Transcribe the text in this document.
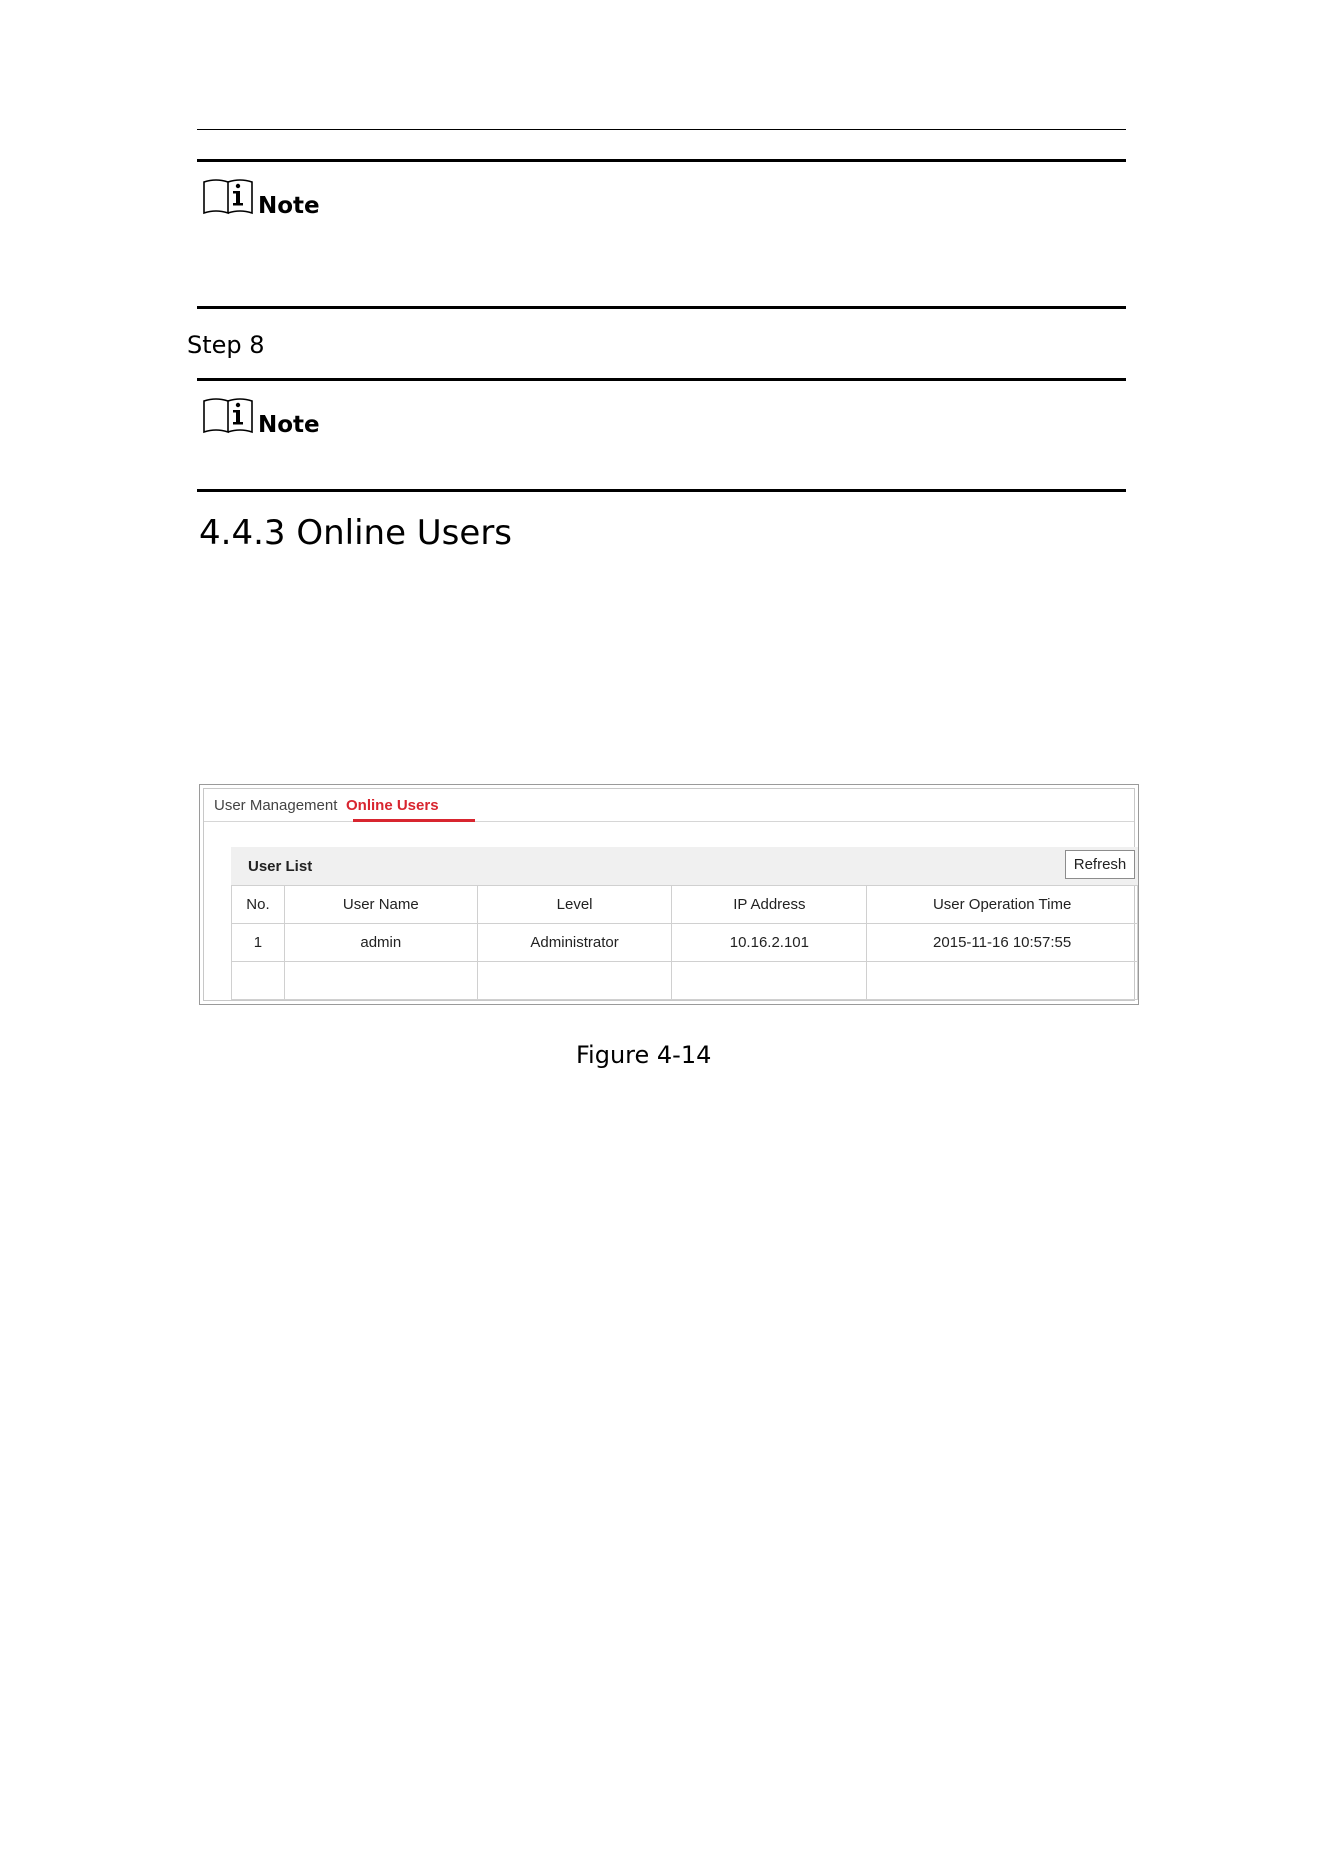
Note
Step 8
Note
4.4.3 Online Users
User Management Online Users
User List	Refresh
No.	User Name	Level	IP Address	User Operation Time
1	admin	Administrator	10.16.2.101	2015-11-16 10:57:55

Figure 4-14
